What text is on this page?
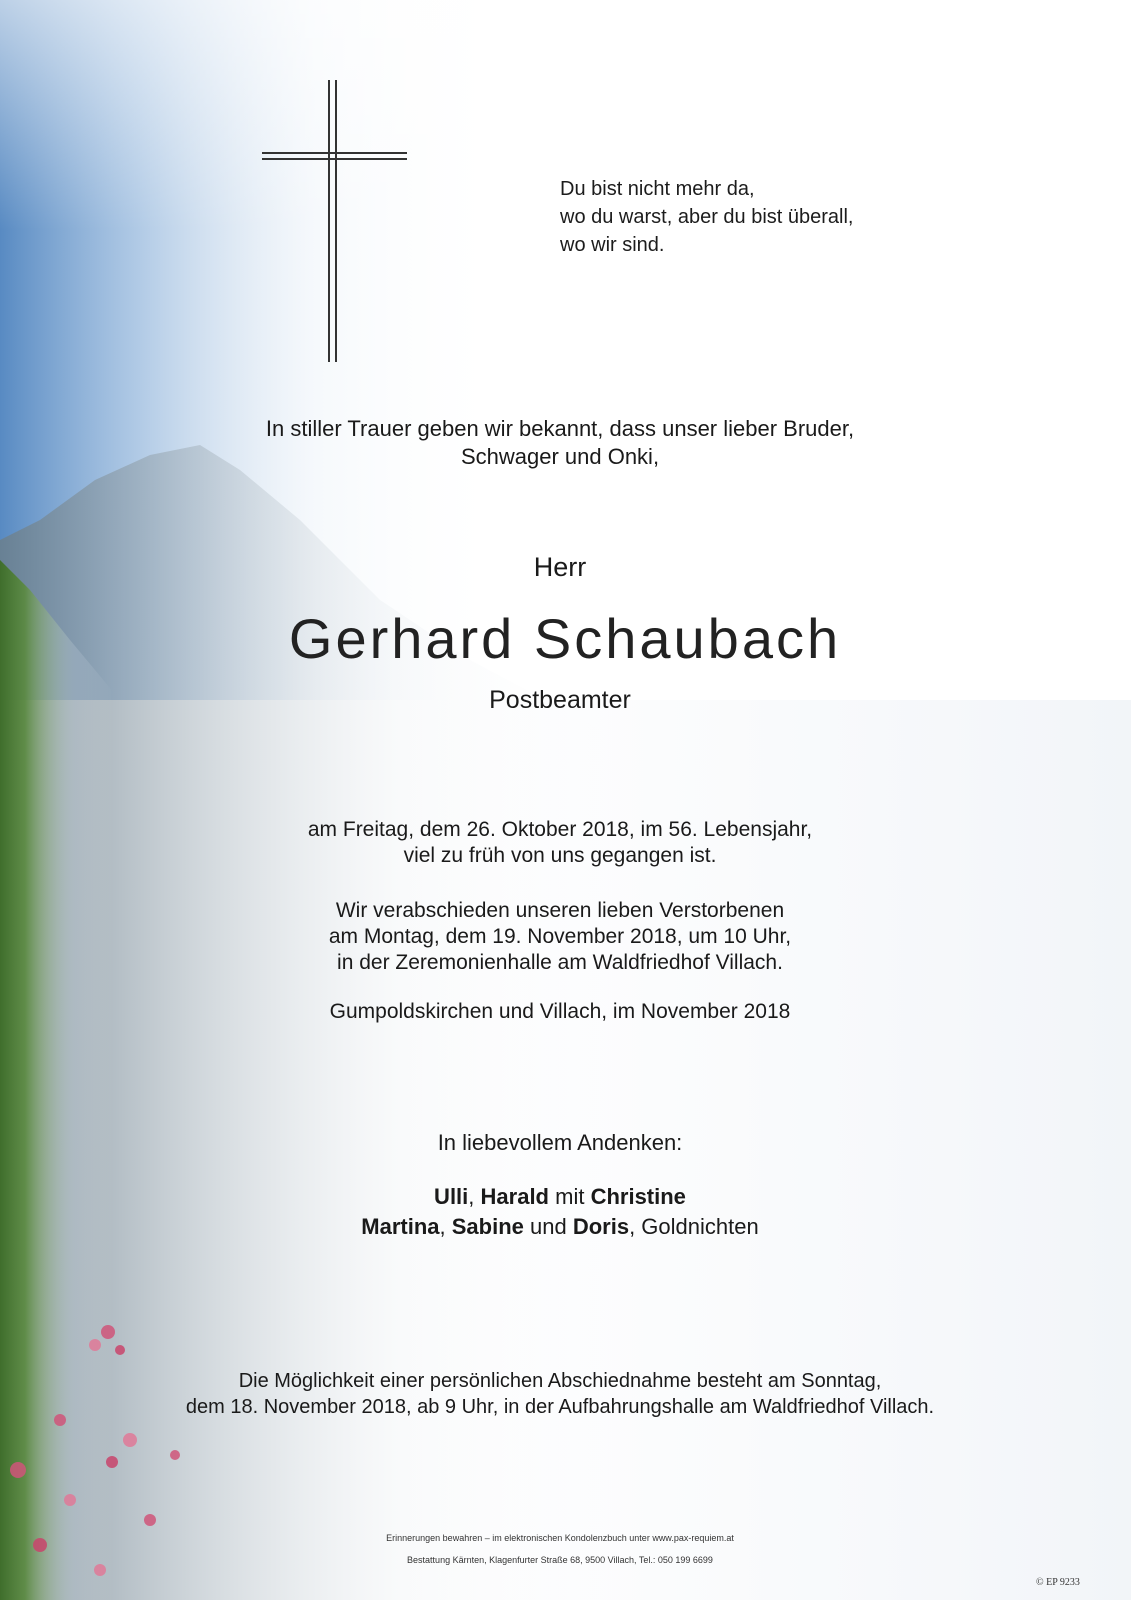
Du bist nicht mehr da,
wo du warst, aber du bist überall,
wo wir sind.
In stiller Trauer geben wir bekannt, dass unser lieber Bruder,
Schwager und Onki,
Herr
Gerhard Schaubach
Postbeamter
am Freitag, dem 26. Oktober 2018, im 56. Lebensjahr,
viel zu früh von uns gegangen ist.
Wir verabschieden unseren lieben Verstorbenen
am Montag, dem 19. November 2018, um 10 Uhr,
in der Zeremonienhalle am Waldfriedhof Villach.
Gumpoldskirchen und Villach, im November 2018
In liebevollem Andenken:
Ulli, Harald mit Christine
Martina, Sabine und Doris, Goldnichten
Die Möglichkeit einer persönlichen Abschiednahme besteht am Sonntag,
dem 18. November 2018, ab 9 Uhr, in der Aufbahrungshalle am Waldfriedhof Villach.
Erinnerungen bewahren – im elektronischen Kondolenzbuch unter www.pax-requiem.at
Bestattung Kärnten, Klagenfurter Straße 68, 9500 Villach, Tel.: 050 199 6699
© EP 9233
